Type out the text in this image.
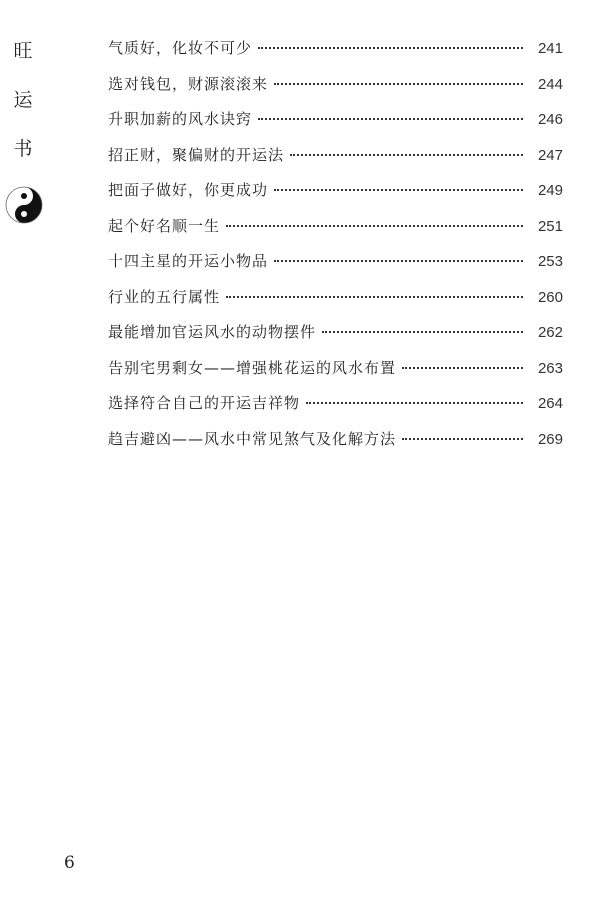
旺
运
书
气质好，化妆不可少	241
选对钱包，财源滚滚来	244
升职加薪的风水诀窍	246
招正财，聚偏财的开运法	247
把面子做好，你更成功	249
起个好名顺一生	251
十四主星的开运小物品	253
行业的五行属性	260
最能增加官运风水的动物摆件	262
告别宅男剩女——增强桃花运的风水布置	263
选择符合自己的开运吉祥物	264
趋吉避凶——风水中常见煞气及化解方法	269
6
